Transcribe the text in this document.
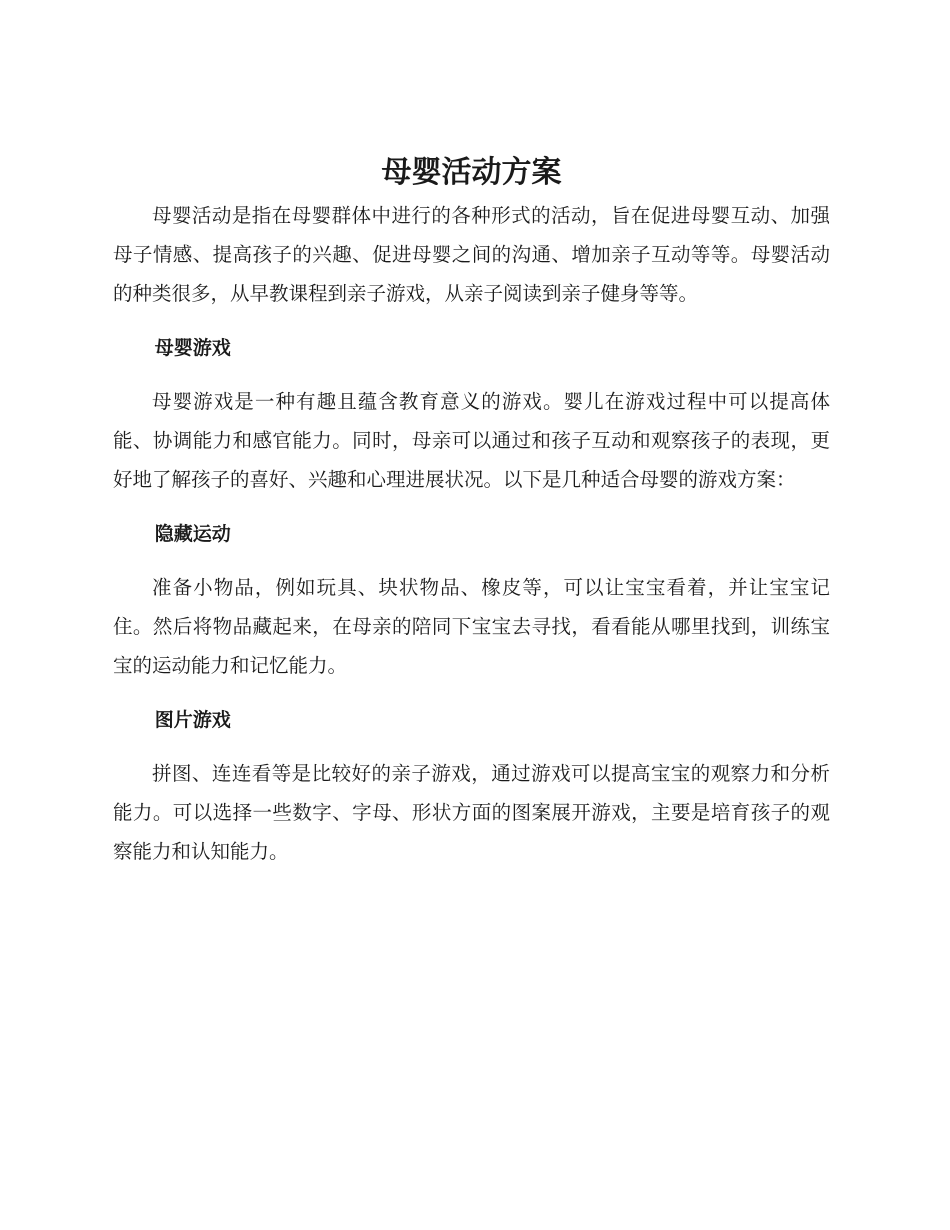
母婴活动方案

母婴活动是指在母婴群体中进行的各种形式的活动，旨在促进母婴互动、加强母子情感、提高孩子的兴趣、促进母婴之间的沟通、增加亲子互动等等。母婴活动的种类很多，从早教课程到亲子游戏，从亲子阅读到亲子健身等等。

母婴游戏

母婴游戏是一种有趣且蕴含教育意义的游戏。婴儿在游戏过程中可以提高体能、协调能力和感官能力。同时，母亲可以通过和孩子互动和观察孩子的表现，更好地了解孩子的喜好、兴趣和心理进展状况。以下是几种适合母婴的游戏方案：

隐藏运动

准备小物品，例如玩具、块状物品、橡皮等，可以让宝宝看着，并让宝宝记住。然后将物品藏起来，在母亲的陪同下宝宝去寻找，看看能从哪里找到，训练宝宝的运动能力和记忆能力。

图片游戏

拼图、连连看等是比较好的亲子游戏，通过游戏可以提高宝宝的观察力和分析能力。可以选择一些数字、字母、形状方面的图案展开游戏，主要是培育孩子的观察能力和认知能力。
